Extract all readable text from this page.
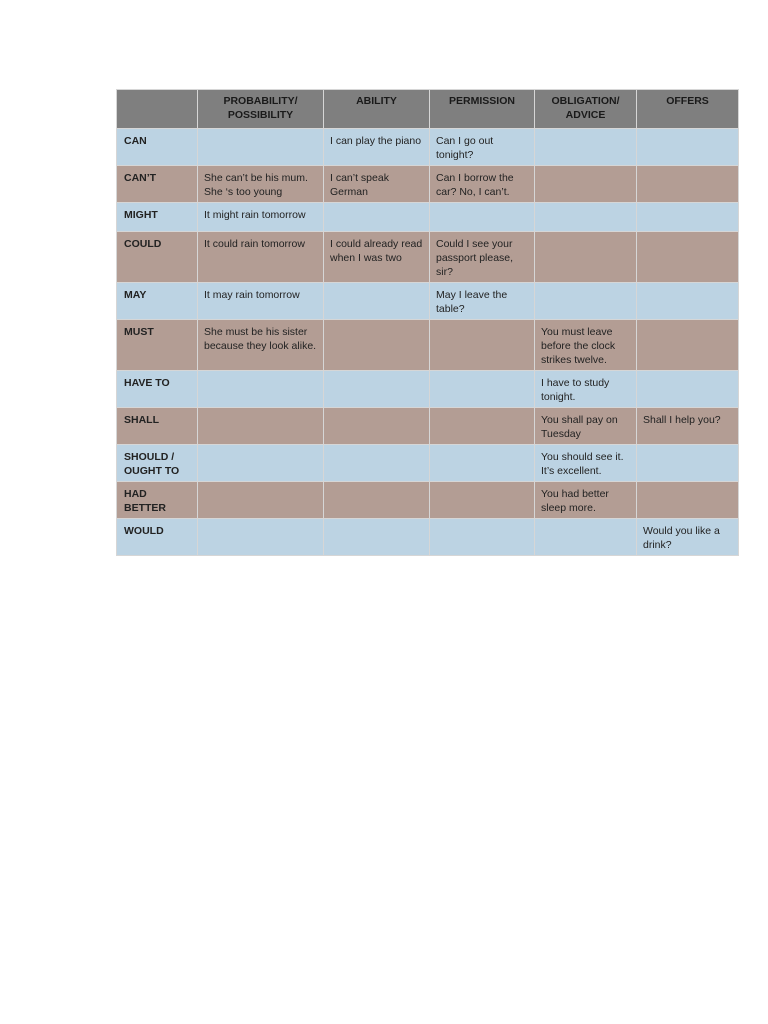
	PROBABILITY/ POSSIBILITY	ABILITY	PERMISSION	OBLIGATION/ ADVICE	OFFERS
CAN		I can play the piano	Can I go out tonight?		
CAN’T	She can’t be his mum. She ‘s too young	I can’t speak German	Can I borrow the car? No, I can’t.		
MIGHT	It might rain tomorrow				
COULD	It could rain tomorrow	I could already read when I was two	Could I see your passport please, sir?		
MAY	It may rain tomorrow		May I leave the table?		
MUST	She must be his sister because they look alike.			You must leave before the clock strikes twelve.	
HAVE TO				I have to study tonight.	
SHALL				You shall pay on Tuesday	Shall I help you?
SHOULD / OUGHT TO				You should see it. It’s excellent.	
HAD BETTER				You had better sleep more.	
WOULD					Would you like a drink?
